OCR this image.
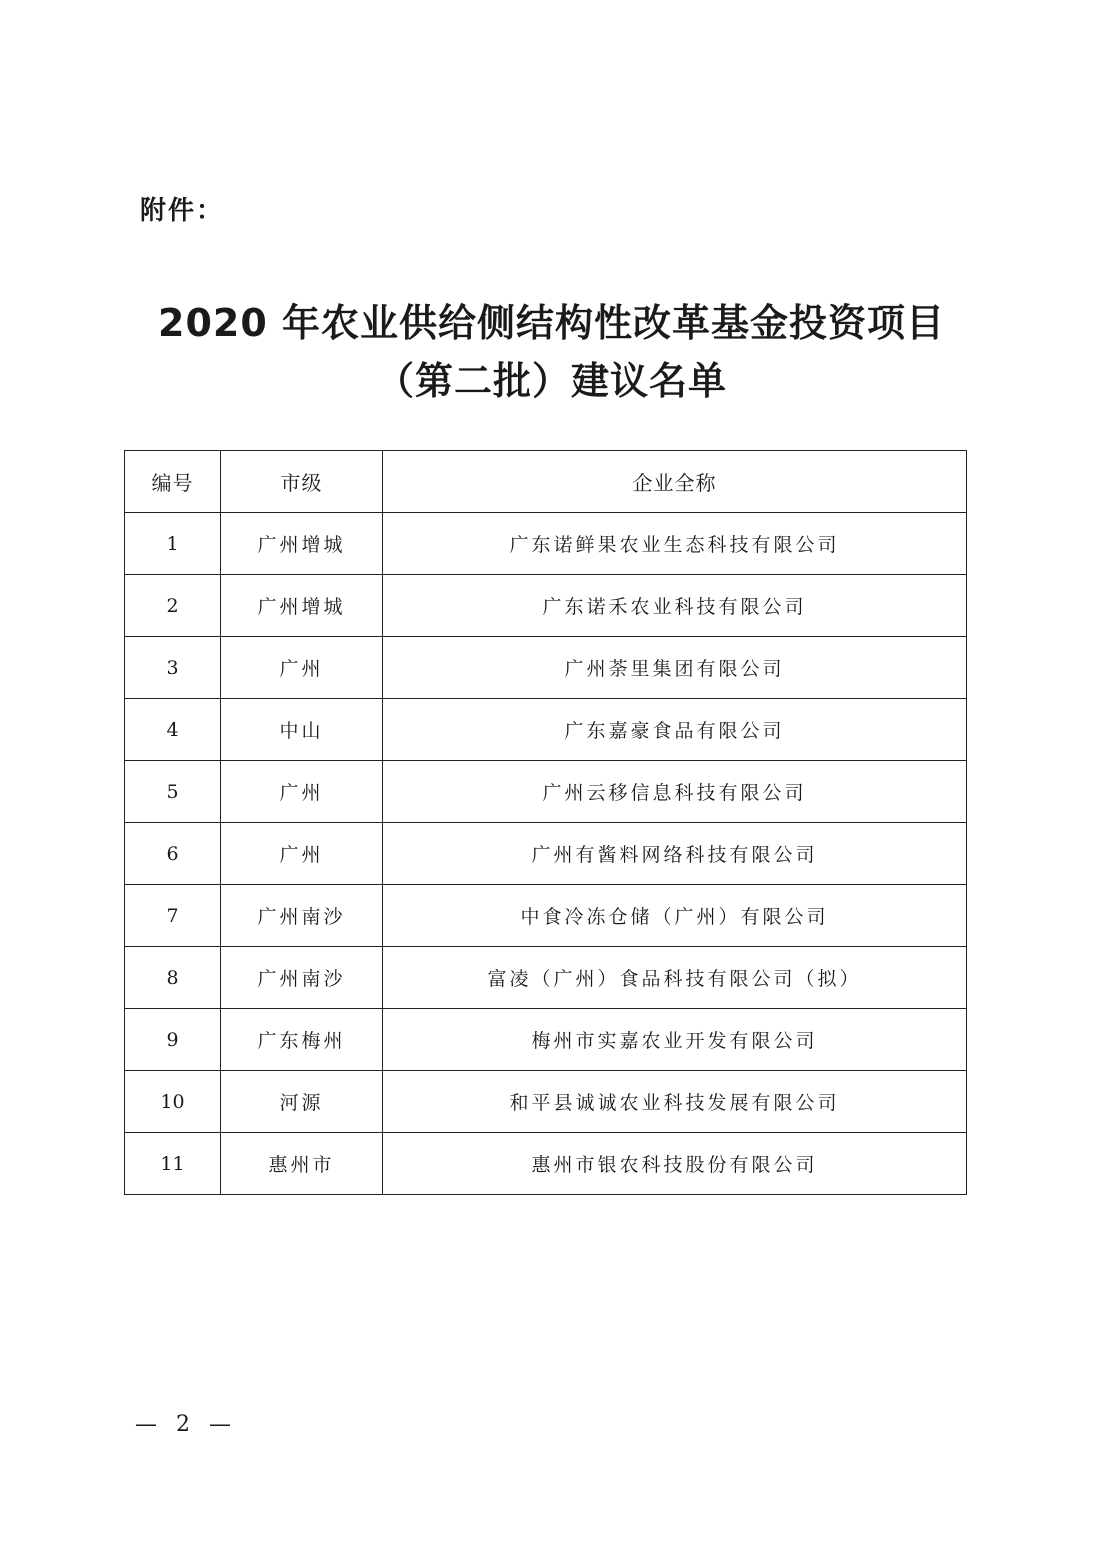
附件：
2020 年农业供给侧结构性改革基金投资项目
（第二批）建议名单
编号	市级	企业全称
1	广州增城	广东诺鲜果农业生态科技有限公司
2	广州增城	广东诺禾农业科技有限公司
3	广州	广州荼里集团有限公司
4	中山	广东嘉豪食品有限公司
5	广州	广州云移信息科技有限公司
6	广州	广州有酱料网络科技有限公司
7	广州南沙	中食冷冻仓储（广州）有限公司
8	广州南沙	富凌（广州）食品科技有限公司（拟）
9	广东梅州	梅州市实嘉农业开发有限公司
10	河源	和平县诚诚农业科技发展有限公司
11	惠州市	惠州市银农科技股份有限公司
— 2 —
